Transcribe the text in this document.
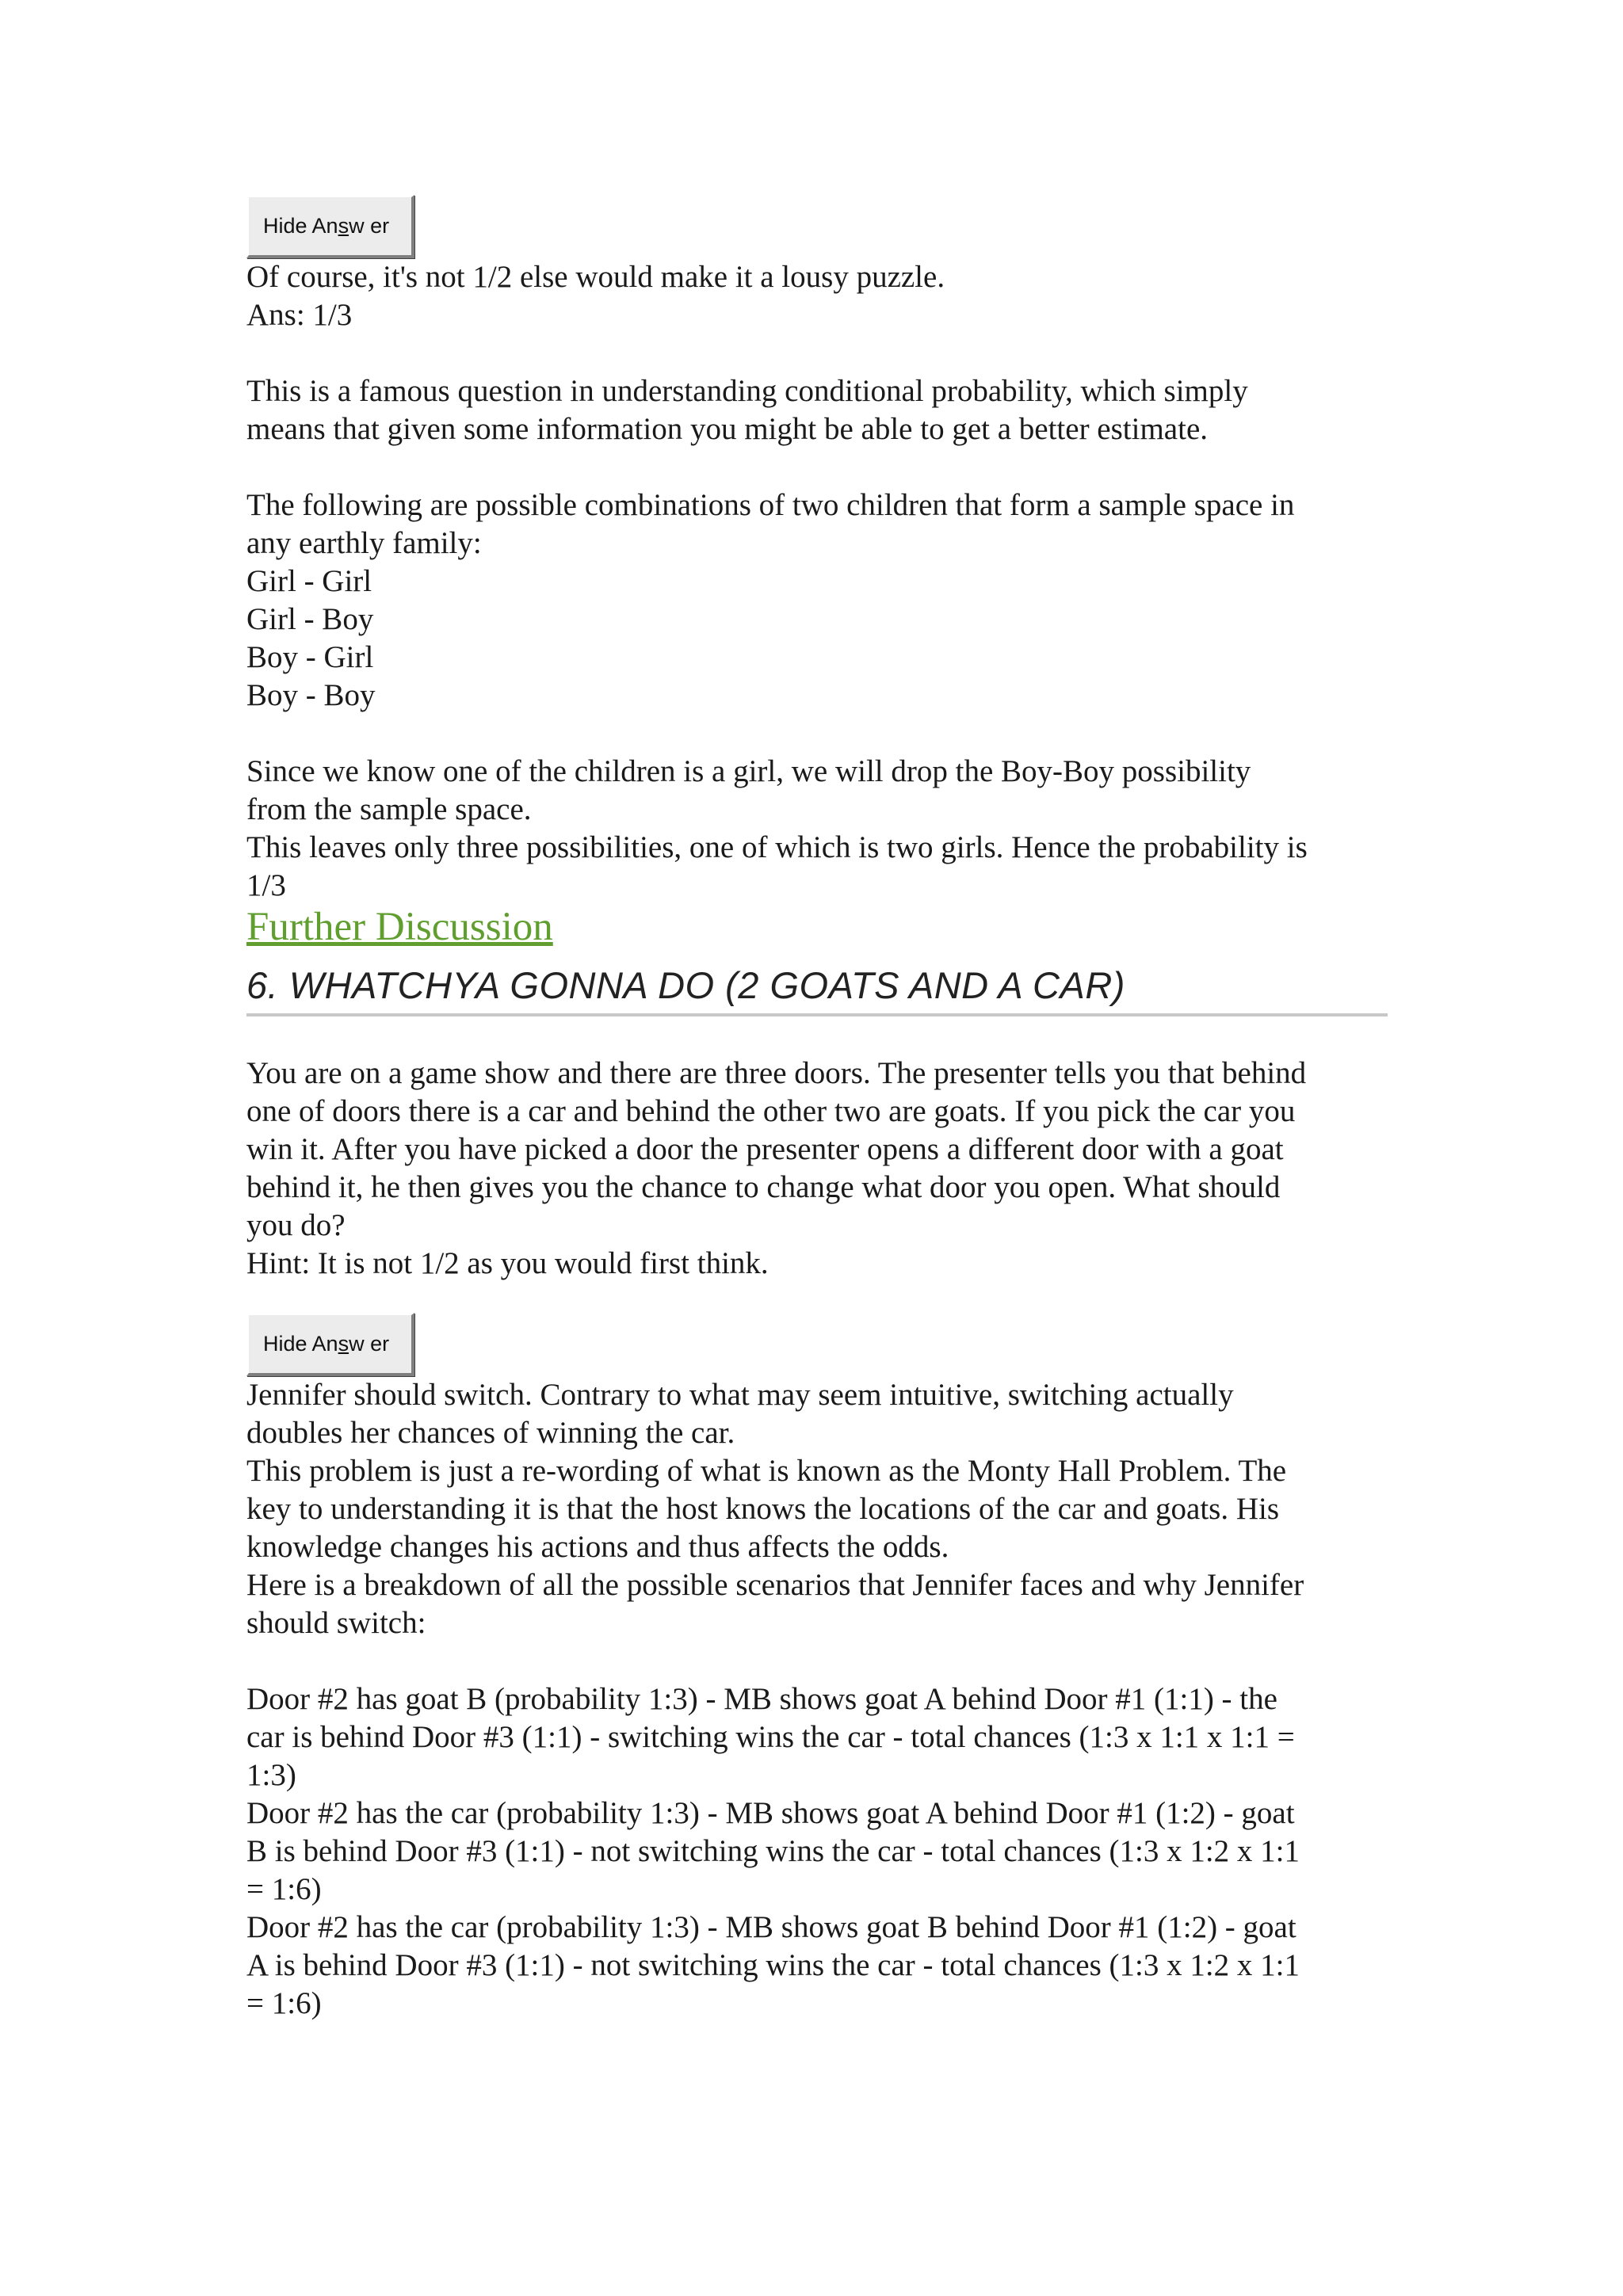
Hide Answ er
Of course, it's not 1/2 else would make it a lousy puzzle.
Ans: 1/3
This is a famous question in understanding conditional probability, which simply
means that given some information you might be able to get a better estimate.
The following are possible combinations of two children that form a sample space in
any earthly family:
Girl - Girl
Girl - Boy
Boy - Girl
Boy - Boy
Since we know one of the children is a girl, we will drop the Boy-Boy possibility
from the sample space.
This leaves only three possibilities, one of which is two girls. Hence the probability is
1/3
Further Discussion
6. WHATCHYA GONNA DO (2 GOATS AND A CAR)
You are on a game show and there are three doors. The presenter tells you that behind
one of doors there is a car and behind the other two are goats. If you pick the car you
win it. After you have picked a door the presenter opens a different door with a goat
behind it, he then gives you the chance to change what door you open. What should
you do?
Hint: It is not 1/2 as you would first think.
Hide Answ er
Jennifer should switch. Contrary to what may seem intuitive, switching actually
doubles her chances of winning the car.
This problem is just a re-wording of what is known as the Monty Hall Problem. The
key to understanding it is that the host knows the locations of the car and goats. His
knowledge changes his actions and thus affects the odds.
Here is a breakdown of all the possible scenarios that Jennifer faces and why Jennifer
should switch:
Door #2 has goat B (probability 1:3) - MB shows goat A behind Door #1 (1:1) - the
car is behind Door #3 (1:1) - switching wins the car - total chances (1:3 x 1:1 x 1:1 =
1:3)
Door #2 has the car (probability 1:3) - MB shows goat A behind Door #1 (1:2) - goat
B is behind Door #3 (1:1) - not switching wins the car - total chances (1:3 x 1:2 x 1:1
= 1:6)
Door #2 has the car (probability 1:3) - MB shows goat B behind Door #1 (1:2) - goat
A is behind Door #3 (1:1) - not switching wins the car - total chances (1:3 x 1:2 x 1:1
= 1:6)
